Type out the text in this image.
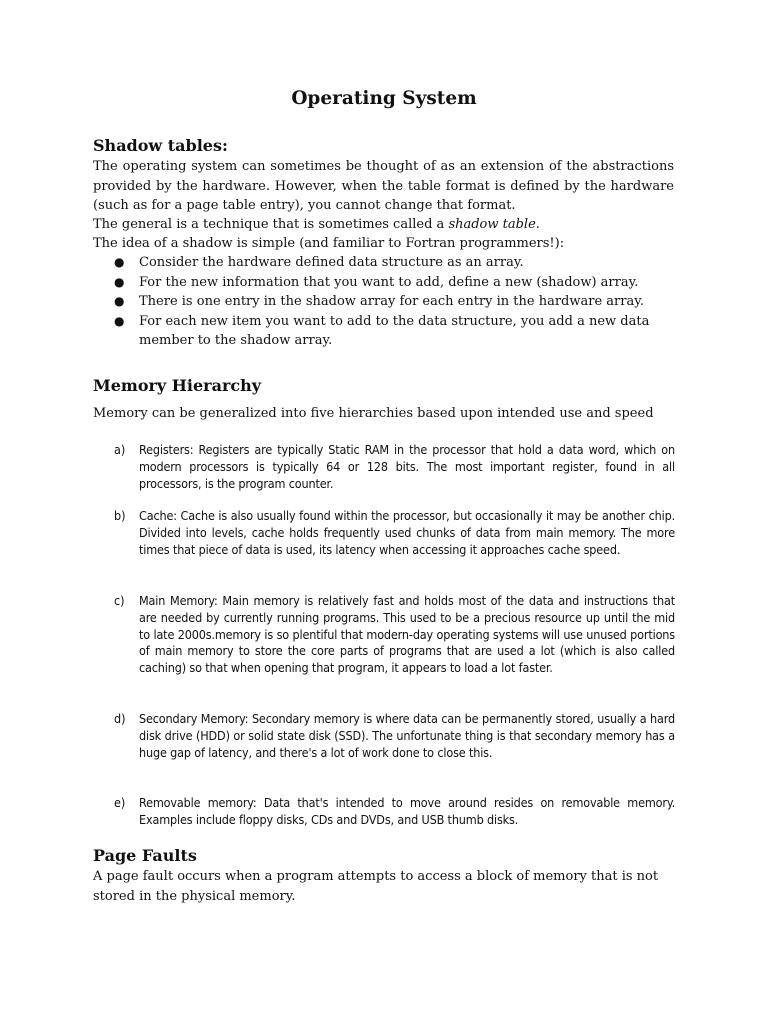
Operating System
Shadow tables:

The operating system can sometimes be thought of as an extension of the abstractions provided by the hardware. However, when the table format is defined by the hardware (such as for a page table entry), you cannot change that format.

The general is a technique that is sometimes called a shadow table.

The idea of a shadow is simple (and familiar to Fortran programmers!):

● Consider the hardware defined data structure as an array.
● For the new information that you want to add, define a new (shadow) array.
● There is one entry in the shadow array for each entry in the hardware array.
● For each new item you want to add to the data structure, you add a new data member to the shadow array.
Memory Hierarchy

Memory can be generalized into five hierarchies based upon intended use and speed

a) Registers: Registers are typically Static RAM in the processor that hold a data word, which on modern processors is typically 64 or 128 bits. The most important register, found in all processors, is the program counter.
b) Cache: Cache is also usually found within the processor, but occasionally it may be another chip. Divided into levels, cache holds frequently used chunks of data from main memory. The more times that piece of data is used, its latency when accessing it approaches cache speed.
c) Main Memory: Main memory is relatively fast and holds most of the data and instructions that are needed by currently running programs. This used to be a precious resource up until the mid to late 2000s.memory is so plentiful that modern-day operating systems will use unused portions of main memory to store the core parts of programs that are used a lot (which is also called caching) so that when opening that program, it appears to load a lot faster.
d) Secondary Memory: Secondary memory is where data can be permanently stored, usually a hard disk drive (HDD) or solid state disk (SSD). The unfortunate thing is that secondary memory has a huge gap of latency, and there's a lot of work done to close this.
e) Removable memory: Data that's intended to move around resides on removable memory. Examples include floppy disks, CDs and DVDs, and USB thumb disks.
Page Faults

A page fault occurs when a program attempts to access a block of memory that is not stored in the physical memory.
